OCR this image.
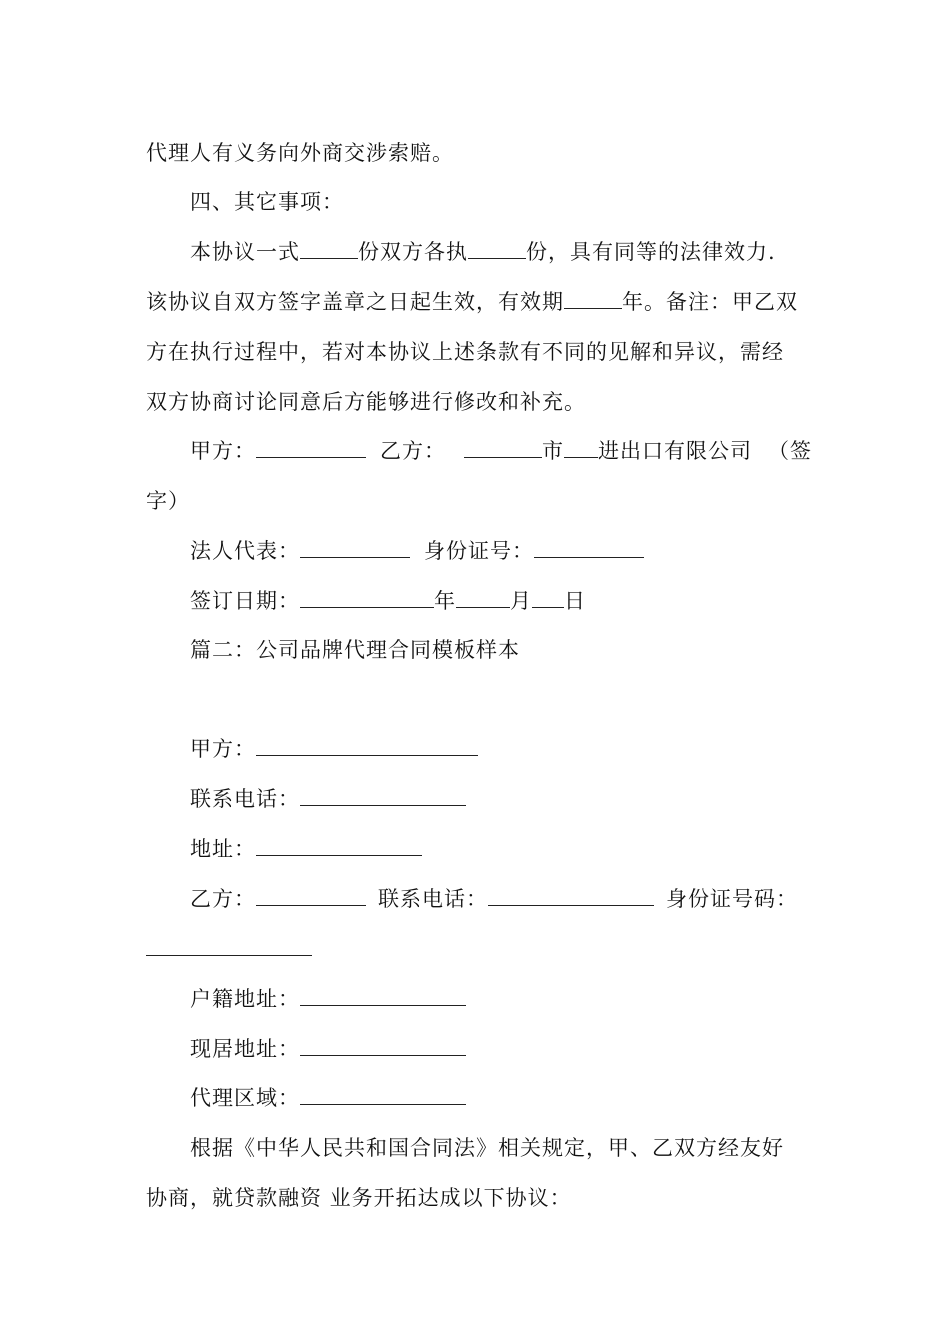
代理人有义务向外商交涉索赔。
四、其它事项：
本协议一式	份双方各执	份，具有同等的法律效力.
该协议自双方签字盖章之日起生效，有效期	年。备注：甲乙双
方在执行过程中，若对本协议上述条款有不同的见解和异议，需经
双方协商讨论同意后方能够进行修改和补充。
甲方：	乙方：	市 进出口有限公司 （签
字）
法人代表：	身份证号：
签订日期：	年	月 日
篇二：公司品牌代理合同模板样本
甲方：
联系电话：
地址：
乙方：	联系电话：	身份证号码：
户籍地址：
现居地址：
代理区域：
根据《中华人民共和国合同法》相关规定，甲、乙双方经友好
协商，就贷款融资 业务开拓达成以下协议：
